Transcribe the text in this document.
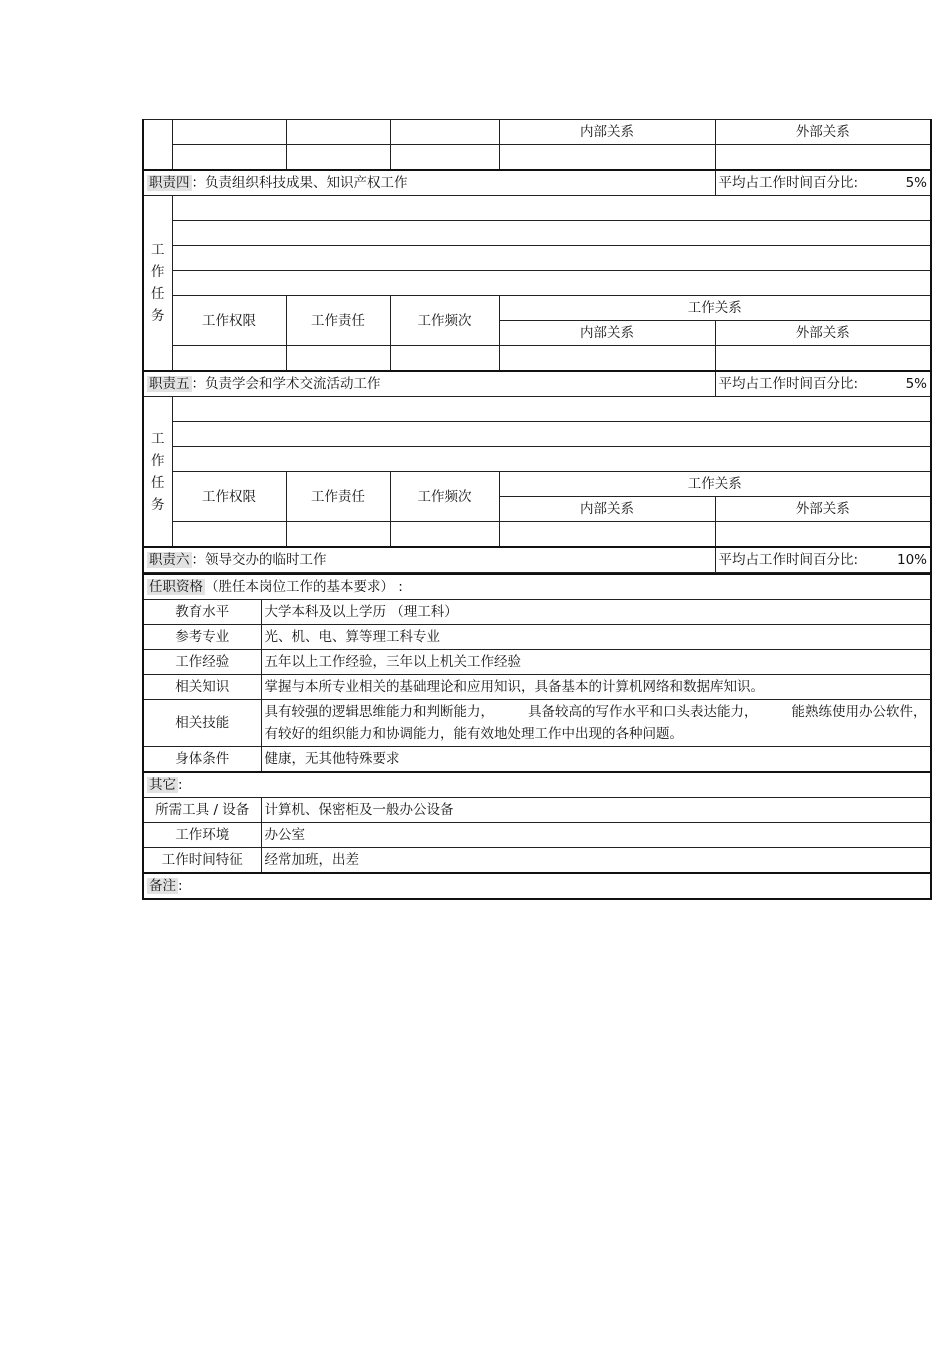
				内部关系	外部关系

职责四 ：负责组织科技成果、知识产权工作					平均占工作时间百分比: 5%

工
作
任
务					

	工作权限	工作责任	工作频次	工作关系	
				内部关系	外部关系

职责五 ：负责学会和学术交流活动工作					平均占工作时间百分比: 5%

工
作
任
务					

	工作权限	工作责任	工作频次	工作关系	
				内部关系	外部关系

职责六 ：领导交办的临时工作					平均占工作时间百分比: 10%
任职资格 （胜任本岗位工作的基本要求） :	
教育水平	大学本科及以上学历 （理工科）
参考专业	光、机、电、算等理工科专业
工作经验	五年以上工作经验，三年以上机关工作经验
相关知识	掌握与本所专业相关的基础理论和应用知识，具备基本的计算机网络和数据库知识。
相关技能	具有较强的逻辑思维能力和判断能力， 具备较高的写作水平和口头表达能力， 能熟练使用办公软件，有较好的组织能力和协调能力，能有效地处理工作中出现的各种问题。
身体条件	健康，无其他特殊要求
其它 :	
所需工具 / 设备	计算机、保密柜及一般办公设备
工作环境	办公室
工作时间特征	经常加班，出差
备注 :	
